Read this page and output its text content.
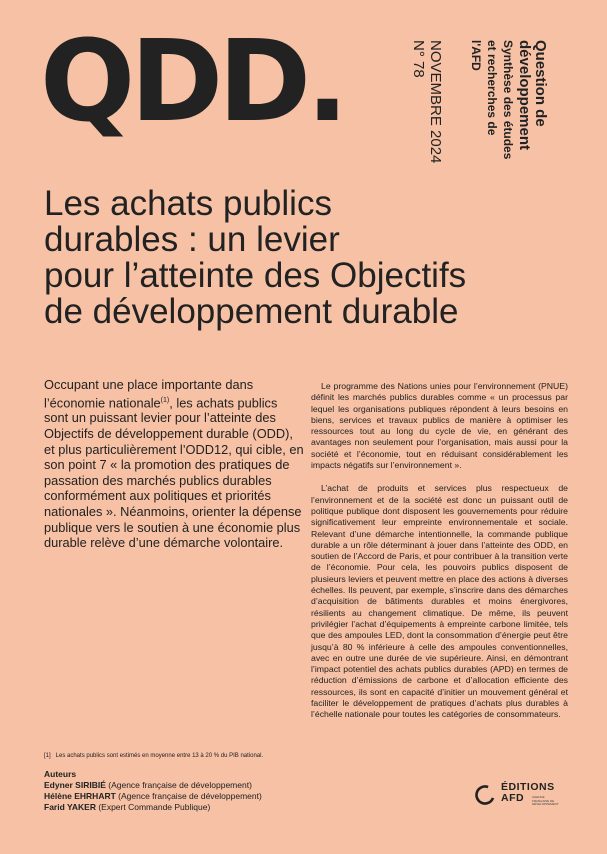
QDD.	NOVEMBRE 2024
N° 78	Question de
développement
Synthèse des études
et recherches de
l'AFD
Les achats publics
durables : un levier
pour l’atteinte des Objectifs
de développement durable
Occupant une place importante dans l’économie nationale$^{(1)}$, les achats publics sont un puissant levier pour l’atteinte des Objectifs de développement durable (ODD), et plus particulièrement l’ODD12, qui cible, en son point 7 « la promotion des pratiques de passation des marchés publics durables conformément aux politiques et priorités nationales ». Néanmoins, orienter la dépense publique vers le soutien à une économie plus durable relève d’une démarche volontaire.

Le programme des Nations unies pour l’environnement (PNUE) définit les marchés publics durables comme « un processus par lequel les organisations publiques répondent à leurs besoins en biens, services et travaux publics de manière à optimiser les ressources tout au long du cycle de vie, en générant des avantages non seulement pour l’organisation, mais aussi pour la société et l’économie, tout en réduisant considérablement les impacts négatifs sur l’environnement ».

L’achat de produits et services plus respectueux de l’environnement et de la société est donc un puissant outil de politique publique dont disposent les gouvernements pour réduire significativement leur empreinte environnementale et sociale. Relevant d’une démarche intentionnelle, la commande publique durable a un rôle déterminant à jouer dans l’atteinte des ODD, en soutien de l’Accord de Paris, et pour contribuer à la transition verte de l’économie. Pour cela, les pouvoirs publics disposent de plusieurs leviers et peuvent mettre en place des actions à diverses échelles. Ils peuvent, par exemple, s’inscrire dans des démarches d’acquisition de bâtiments durables et moins énergivores, résilients au changement climatique. De même, ils peuvent privilégier l’achat d’équipements à empreinte carbone limitée, tels que des ampoules LED, dont la consommation d’énergie peut être jusqu’à 80 % inférieure à celle des ampoules conventionnelles, avec en outre une durée de vie supérieure. Ainsi, en démontrant l’impact potentiel des achats publics durables (APD) en termes de réduction d’émissions de carbone et d’allocation efficiente des ressources, ils sont en capacité d’initier un mouvement général et faciliter le développement de pratiques d’achats plus durables à l’échelle nationale pour toutes les catégories de consommateurs.

[1] Les achats publics sont estimés en moyenne entre 13 à 20 % du PIB national.
Auteurs
Edyner SIRIBIÉ (Agence française de développement)
Hélène EHRHART (Agence française de développement)
Farid YAKER (Expert Commande Publique)
ÉDITIONS
AFD	AGENCE FRANÇAISE DE DÉVELOPPEMENT
